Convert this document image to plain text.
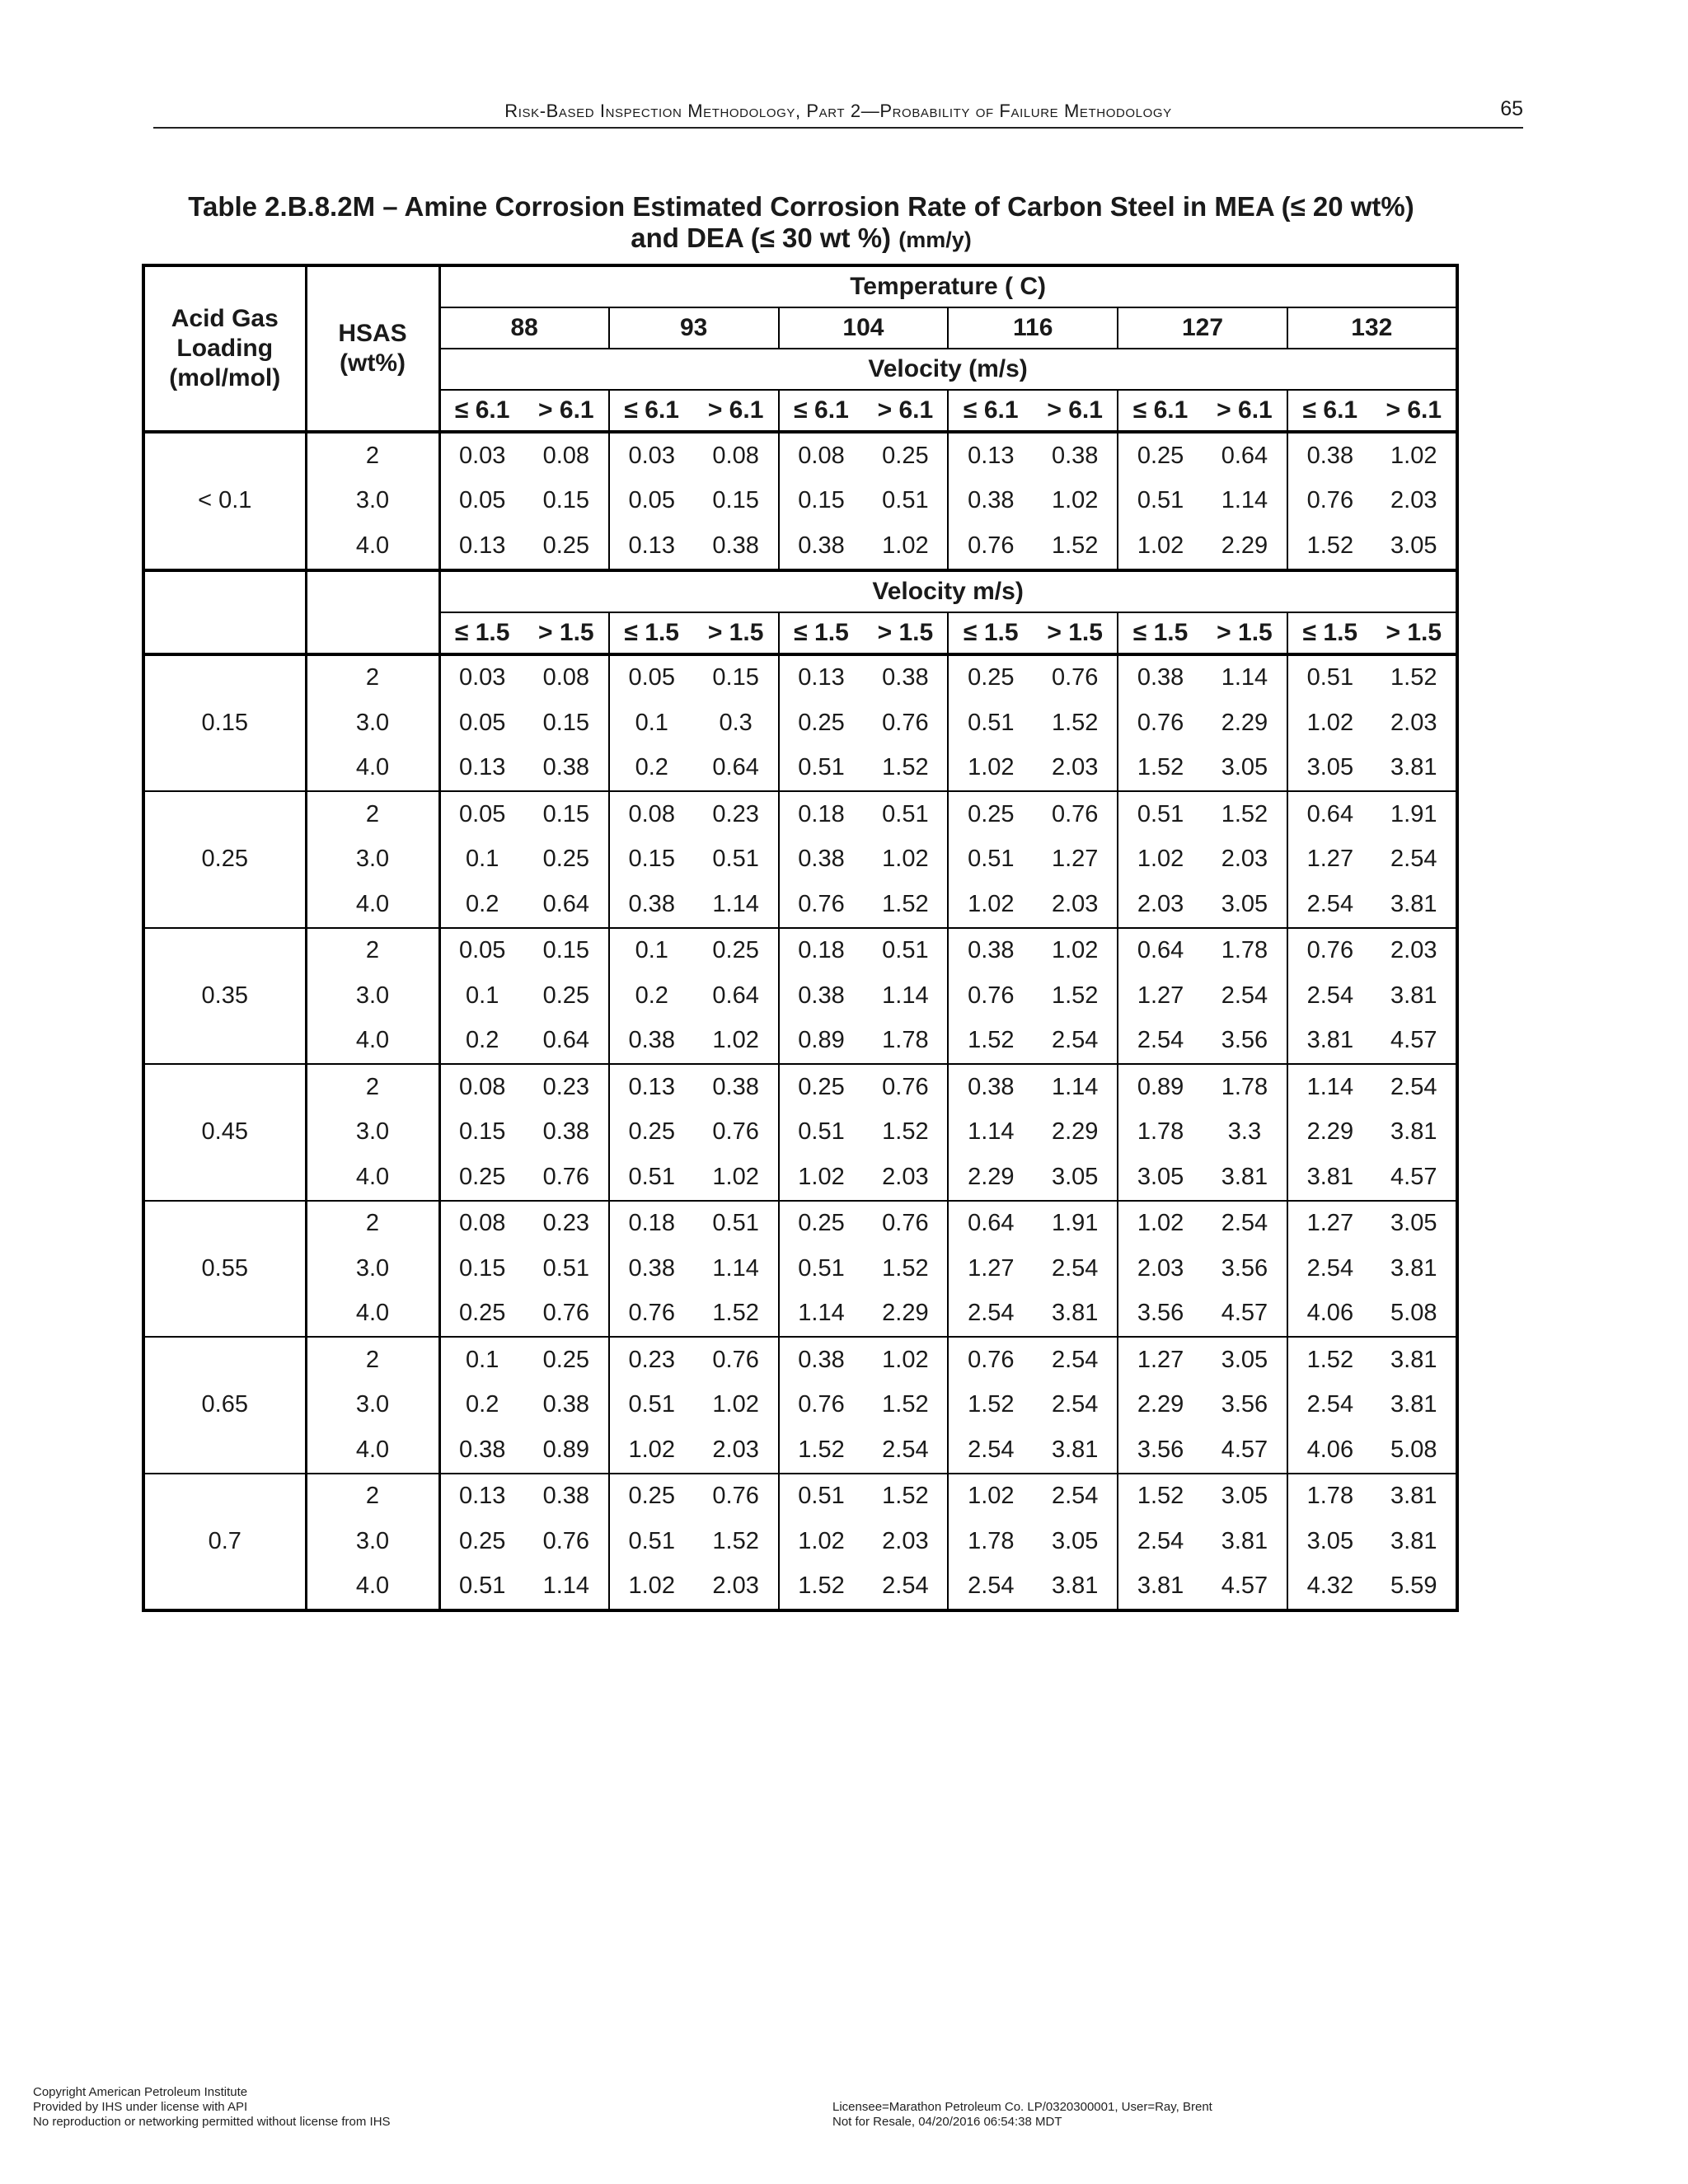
Risk-Based Inspection Methodology, Part 2—Probability of Failure Methodology	65
Table 2.B.8.2M – Amine Corrosion Estimated Corrosion Rate of Carbon Steel in MEA (≤ 20 wt%)
and DEA (≤ 30 wt %) (mm/y)
Acid Gas Loading (mol/mol)	HSAS (wt%)	Temperature ( C)											
		88		93		104		116		127		132	
		Velocity (m/s)											
		≤ 6.1	> 6.1	≤ 6.1	> 6.1	≤ 6.1	> 6.1	≤ 6.1	> 6.1	≤ 6.1	> 6.1	≤ 6.1	> 6.1
< 0.1	2	0.03	0.08	0.03	0.08	0.08	0.25	0.13	0.38	0.25	0.64	0.38	1.02
	3.0	0.05	0.15	0.05	0.15	0.15	0.51	0.38	1.02	0.51	1.14	0.76	2.03
	4.0	0.13	0.25	0.13	0.38	0.38	1.02	0.76	1.52	1.02	2.29	1.52	3.05
		Velocity m/s)											
		≤ 1.5	> 1.5	≤ 1.5	> 1.5	≤ 1.5	> 1.5	≤ 1.5	> 1.5	≤ 1.5	> 1.5	≤ 1.5	> 1.5
0.15	2	0.03	0.08	0.05	0.15	0.13	0.38	0.25	0.76	0.38	1.14	0.51	1.52
	3.0	0.05	0.15	0.1	0.3	0.25	0.76	0.51	1.52	0.76	2.29	1.02	2.03
	4.0	0.13	0.38	0.2	0.64	0.51	1.52	1.02	2.03	1.52	3.05	3.05	3.81
0.25	2	0.05	0.15	0.08	0.23	0.18	0.51	0.25	0.76	0.51	1.52	0.64	1.91
	3.0	0.1	0.25	0.15	0.51	0.38	1.02	0.51	1.27	1.02	2.03	1.27	2.54
	4.0	0.2	0.64	0.38	1.14	0.76	1.52	1.02	2.03	2.03	3.05	2.54	3.81
0.35	2	0.05	0.15	0.1	0.25	0.18	0.51	0.38	1.02	0.64	1.78	0.76	2.03
	3.0	0.1	0.25	0.2	0.64	0.38	1.14	0.76	1.52	1.27	2.54	2.54	3.81
	4.0	0.2	0.64	0.38	1.02	0.89	1.78	1.52	2.54	2.54	3.56	3.81	4.57
0.45	2	0.08	0.23	0.13	0.38	0.25	0.76	0.38	1.14	0.89	1.78	1.14	2.54
	3.0	0.15	0.38	0.25	0.76	0.51	1.52	1.14	2.29	1.78	3.3	2.29	3.81
	4.0	0.25	0.76	0.51	1.02	1.02	2.03	2.29	3.05	3.05	3.81	3.81	4.57
0.55	2	0.08	0.23	0.18	0.51	0.25	0.76	0.64	1.91	1.02	2.54	1.27	3.05
	3.0	0.15	0.51	0.38	1.14	0.51	1.52	1.27	2.54	2.03	3.56	2.54	3.81
	4.0	0.25	0.76	0.76	1.52	1.14	2.29	2.54	3.81	3.56	4.57	4.06	5.08
0.65	2	0.1	0.25	0.23	0.76	0.38	1.02	0.76	2.54	1.27	3.05	1.52	3.81
	3.0	0.2	0.38	0.51	1.02	0.76	1.52	1.52	2.54	2.29	3.56	2.54	3.81
	4.0	0.38	0.89	1.02	2.03	1.52	2.54	2.54	3.81	3.56	4.57	4.06	5.08
0.7	2	0.13	0.38	0.25	0.76	0.51	1.52	1.02	2.54	1.52	3.05	1.78	3.81
	3.0	0.25	0.76	0.51	1.52	1.02	2.03	1.78	3.05	2.54	3.81	3.05	3.81
	4.0	0.51	1.14	1.02	2.03	1.52	2.54	2.54	3.81	3.81	4.57	4.32	5.59
Copyright American Petroleum Institute
Provided by IHS under license with API
No reproduction or networking permitted without license from IHS
Licensee=Marathon Petroleum Co. LP/0320300001, User=Ray, Brent
Not for Resale, 04/20/2016 06:54:38 MDT
